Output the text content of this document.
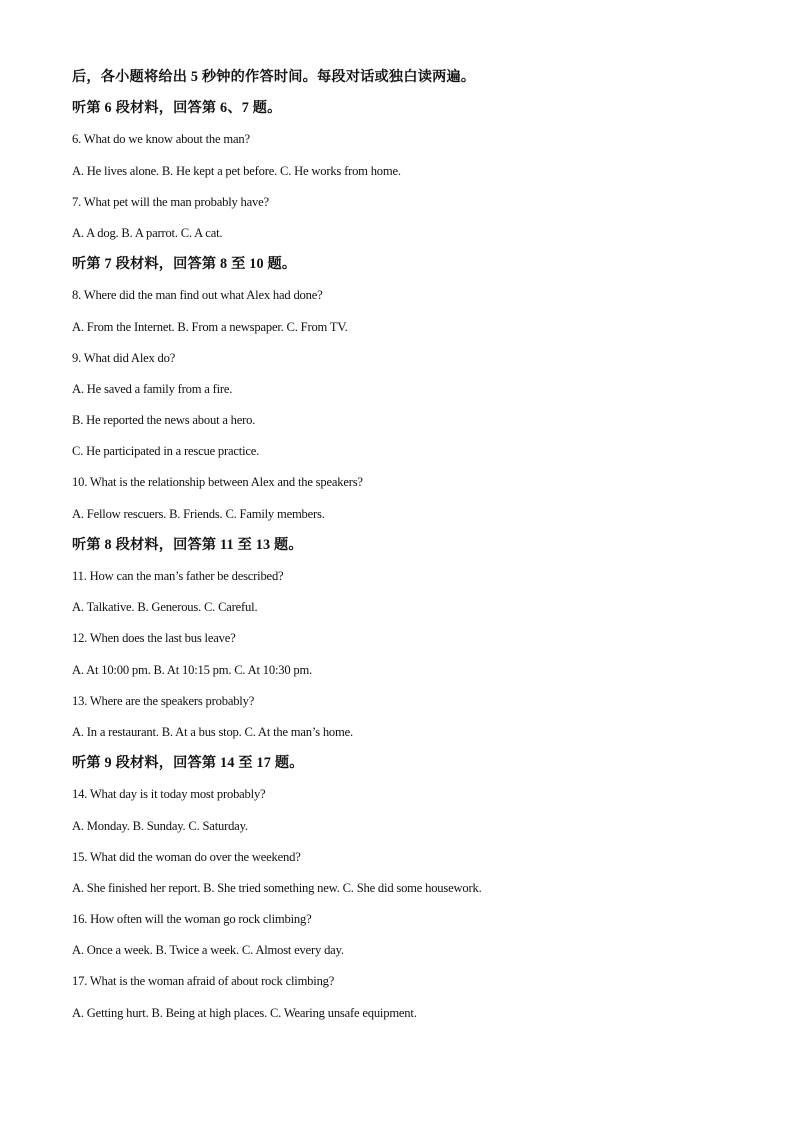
后，各小题将给出 5 秒钟的作答时间。每段对话或独白读两遍。
听第 6 段材料，回答第 6、7 题。
6. What do we know about the man?
A. He lives alone. B. He kept a pet before. C. He works from home.
7. What pet will the man probably have?
A. A dog. B. A parrot. C. A cat.
听第 7 段材料，回答第 8 至 10 题。
8. Where did the man find out what Alex had done?
A. From the Internet. B. From a newspaper. C. From TV.
9. What did Alex do?
A. He saved a family from a fire.
B. He reported the news about a hero.
C. He participated in a rescue practice.
10. What is the relationship between Alex and the speakers?
A. Fellow rescuers. B. Friends. C. Family members.
听第 8 段材料，回答第 11 至 13 题。
11. How can the man’s father be described?
A. Talkative. B. Generous. C. Careful.
12. When does the last bus leave?
A. At 10:00 pm. B. At 10:15 pm. C. At 10:30 pm.
13. Where are the speakers probably?
A. In a restaurant. B. At a bus stop. C. At the man’s home.
听第 9 段材料，回答第 14 至 17 题。
14. What day is it today most probably?
A. Monday. B. Sunday. C. Saturday.
15. What did the woman do over the weekend?
A. She finished her report. B. She tried something new. C. She did some housework.
16. How often will the woman go rock climbing?
A. Once a week. B. Twice a week. C. Almost every day.
17. What is the woman afraid of about rock climbing?
A. Getting hurt. B. Being at high places. C. Wearing unsafe equipment.
